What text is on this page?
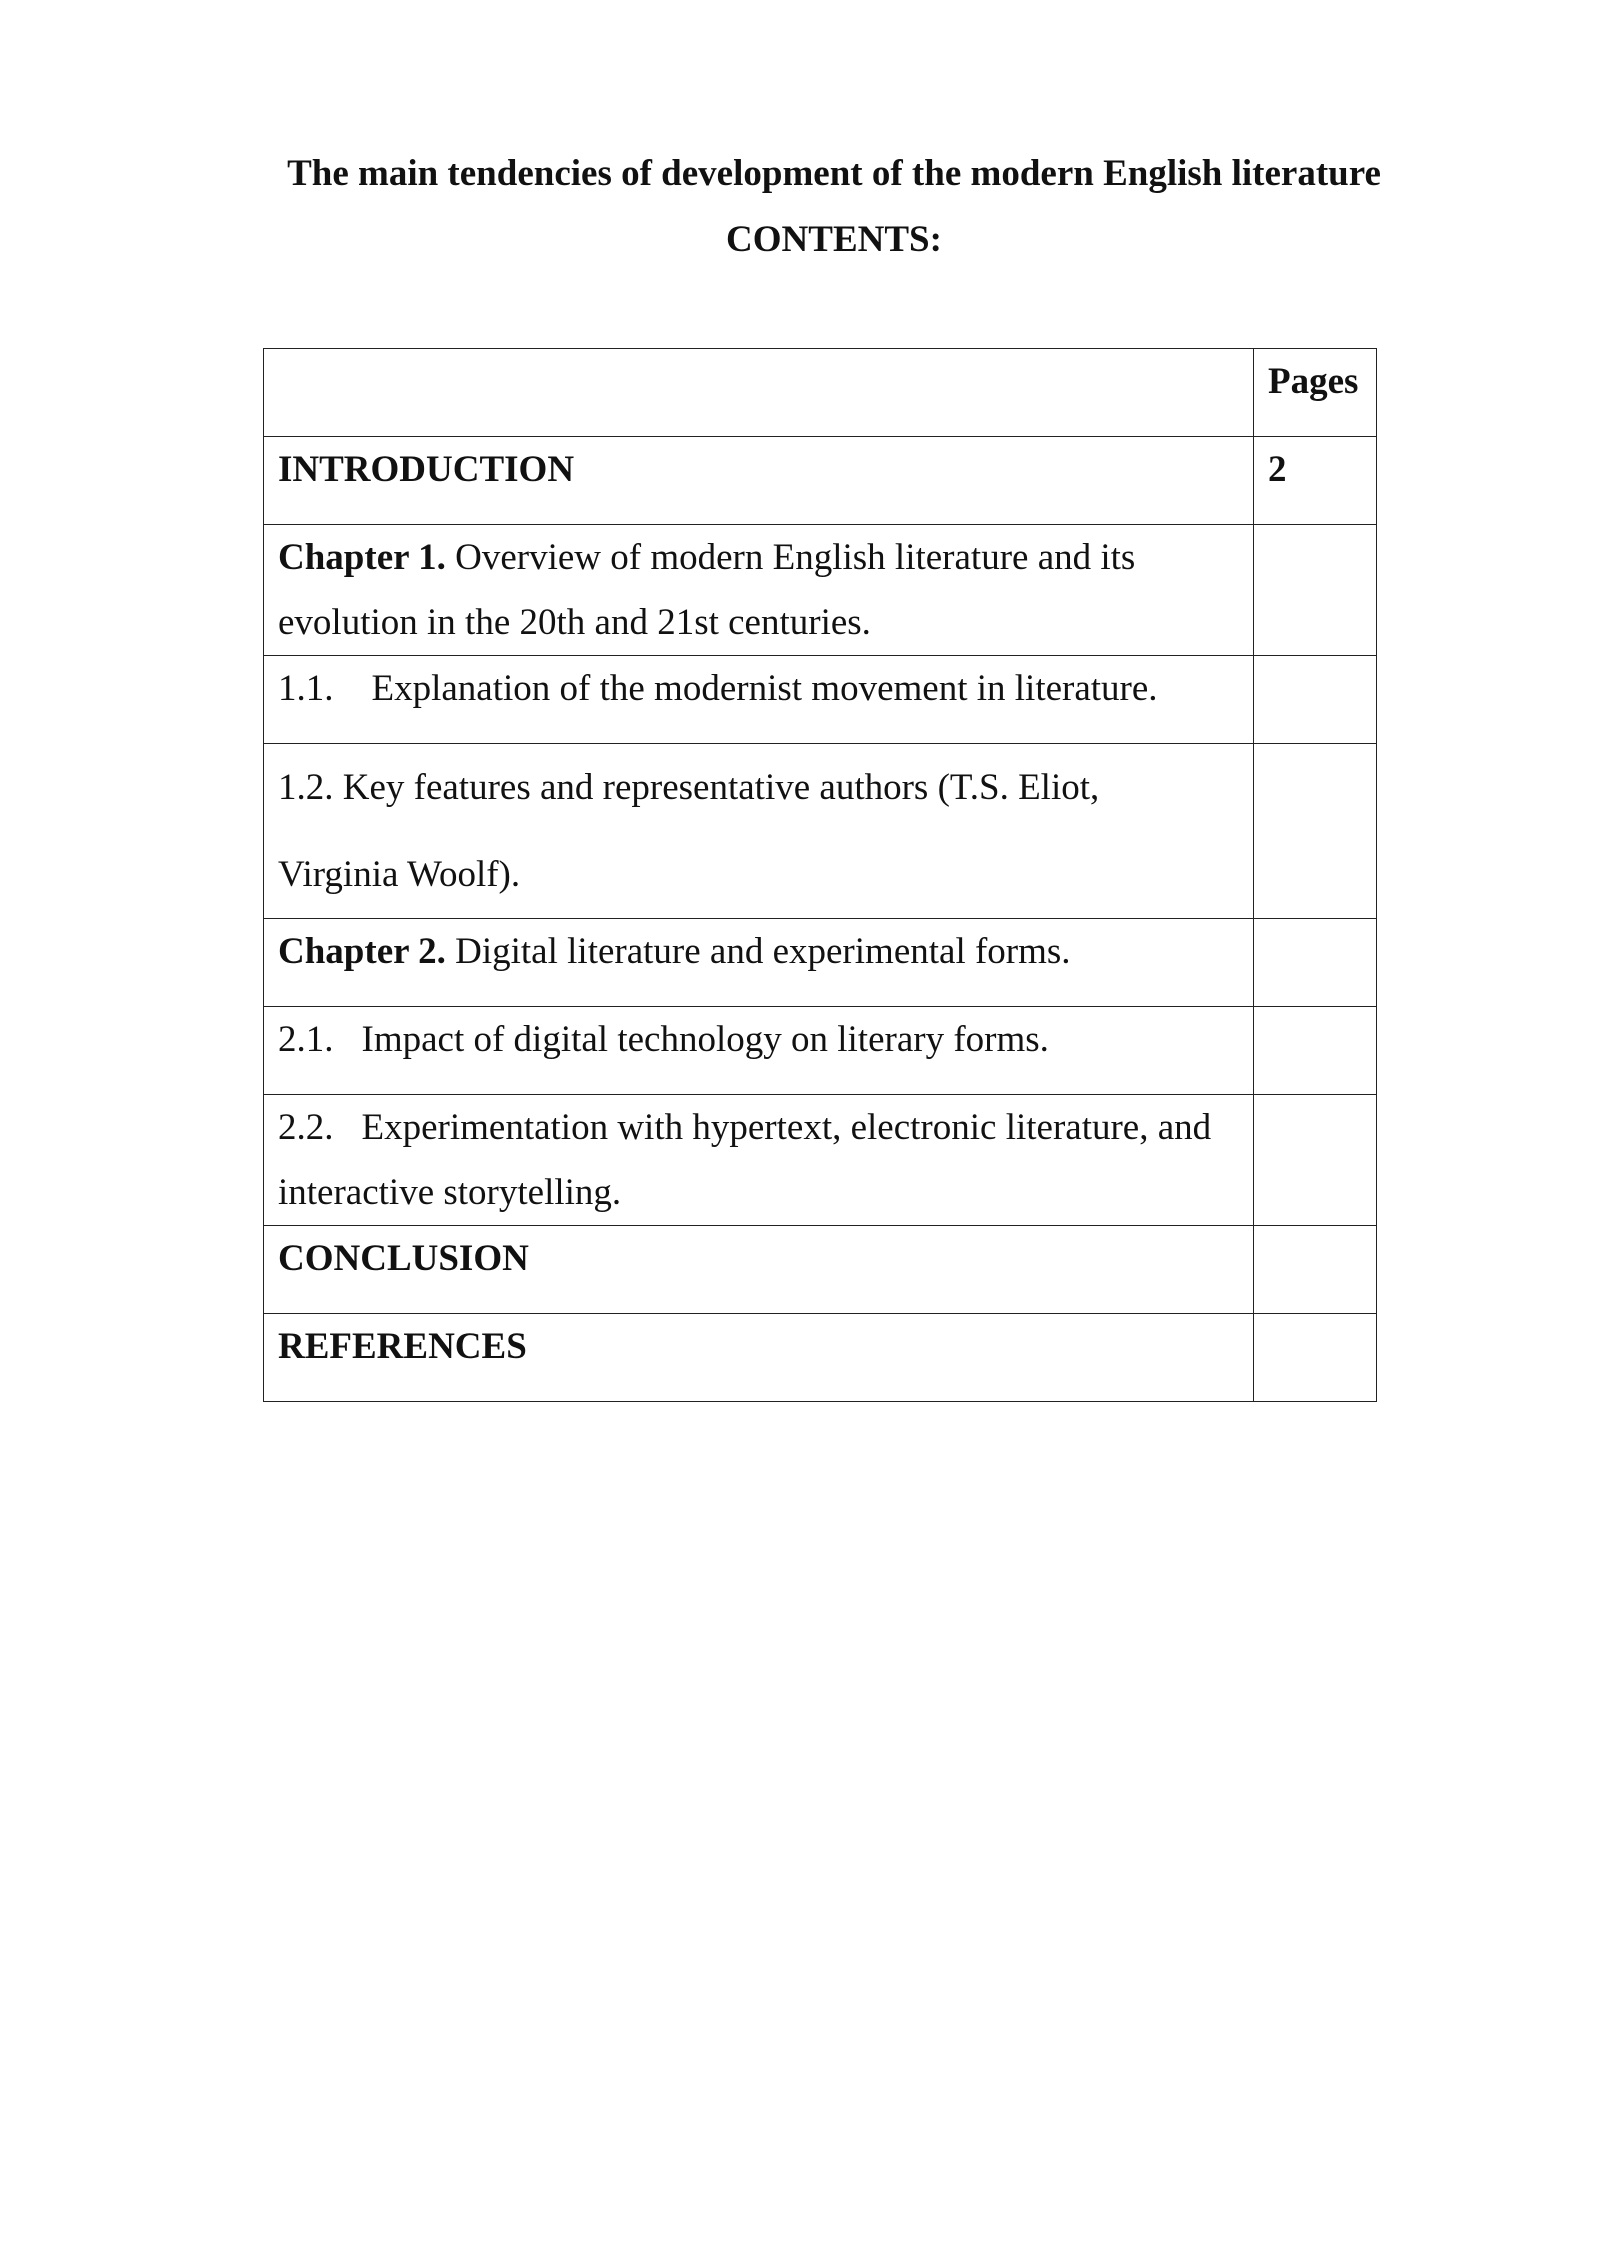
The main tendencies of development of the modern English literature
CONTENTS:
	Pages
INTRODUCTION	2
Chapter 1. Overview of modern English literature and its
evolution in the 20th and 21st centuries.	
1.1. Explanation of the modernist movement in literature.	
1.2. Key features and representative authors (T.S. Eliot,
Virginia Woolf).	

Chapter 2. Digital literature and experimental forms.	
2.1. Impact of digital technology on literary forms.	
2.2. Experimentation with hypertext, electronic literature, and
interactive storytelling.	
CONCLUSION	
REFERENCES	
